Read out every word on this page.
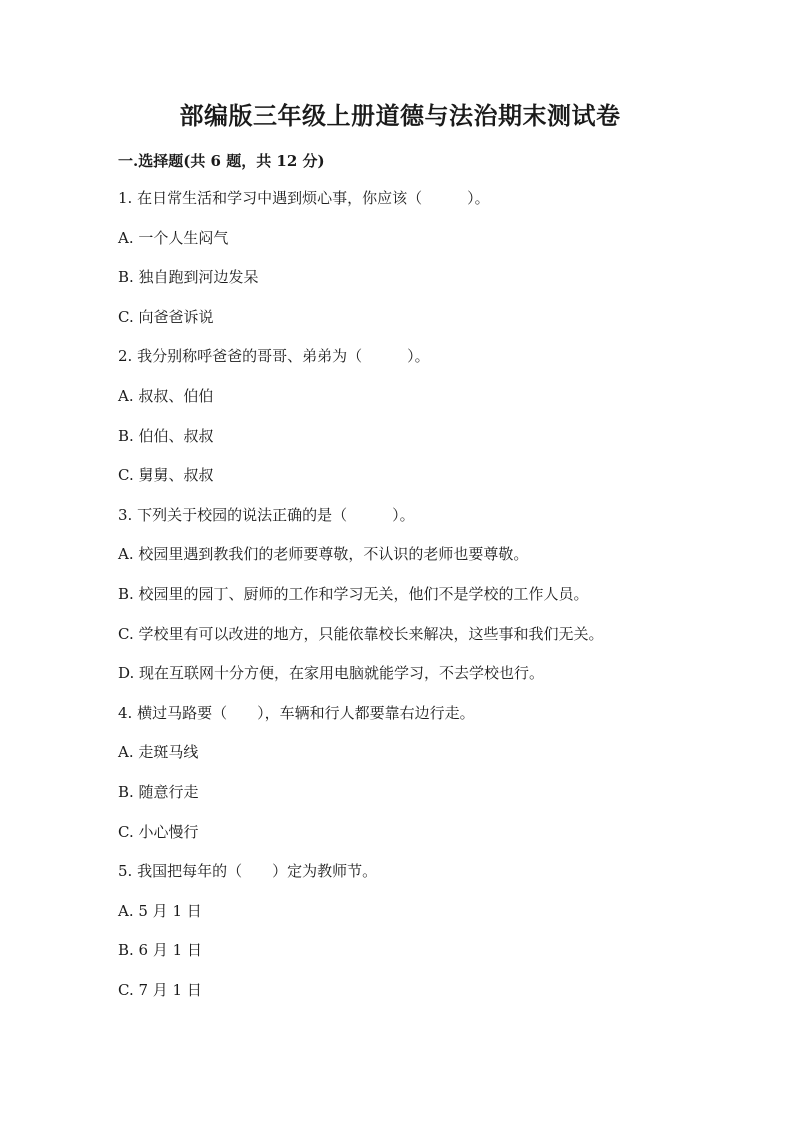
部编版三年级上册道德与法治期末测试卷
一.选择题(共 6 题，共 12 分)
1. 在日常生活和学习中遇到烦心事，你应该（　　　）。
A. 一个人生闷气
B. 独自跑到河边发呆
C. 向爸爸诉说
2. 我分别称呼爸爸的哥哥、弟弟为（　　　）。
A. 叔叔、伯伯
B. 伯伯、叔叔
C. 舅舅、叔叔
3. 下列关于校园的说法正确的是（　　　）。
A. 校园里遇到教我们的老师要尊敬，不认识的老师也要尊敬。
B. 校园里的园丁、厨师的工作和学习无关，他们不是学校的工作人员。
C. 学校里有可以改进的地方，只能依靠校长来解决，这些事和我们无关。
D. 现在互联网十分方便，在家用电脑就能学习，不去学校也行。
4. 横过马路要（　　），车辆和行人都要靠右边行走。
A. 走斑马线
B. 随意行走
C. 小心慢行
5. 我国把每年的（　　）定为教师节。
A. 5 月 1 日
B. 6 月 1 日
C. 7 月 1 日
